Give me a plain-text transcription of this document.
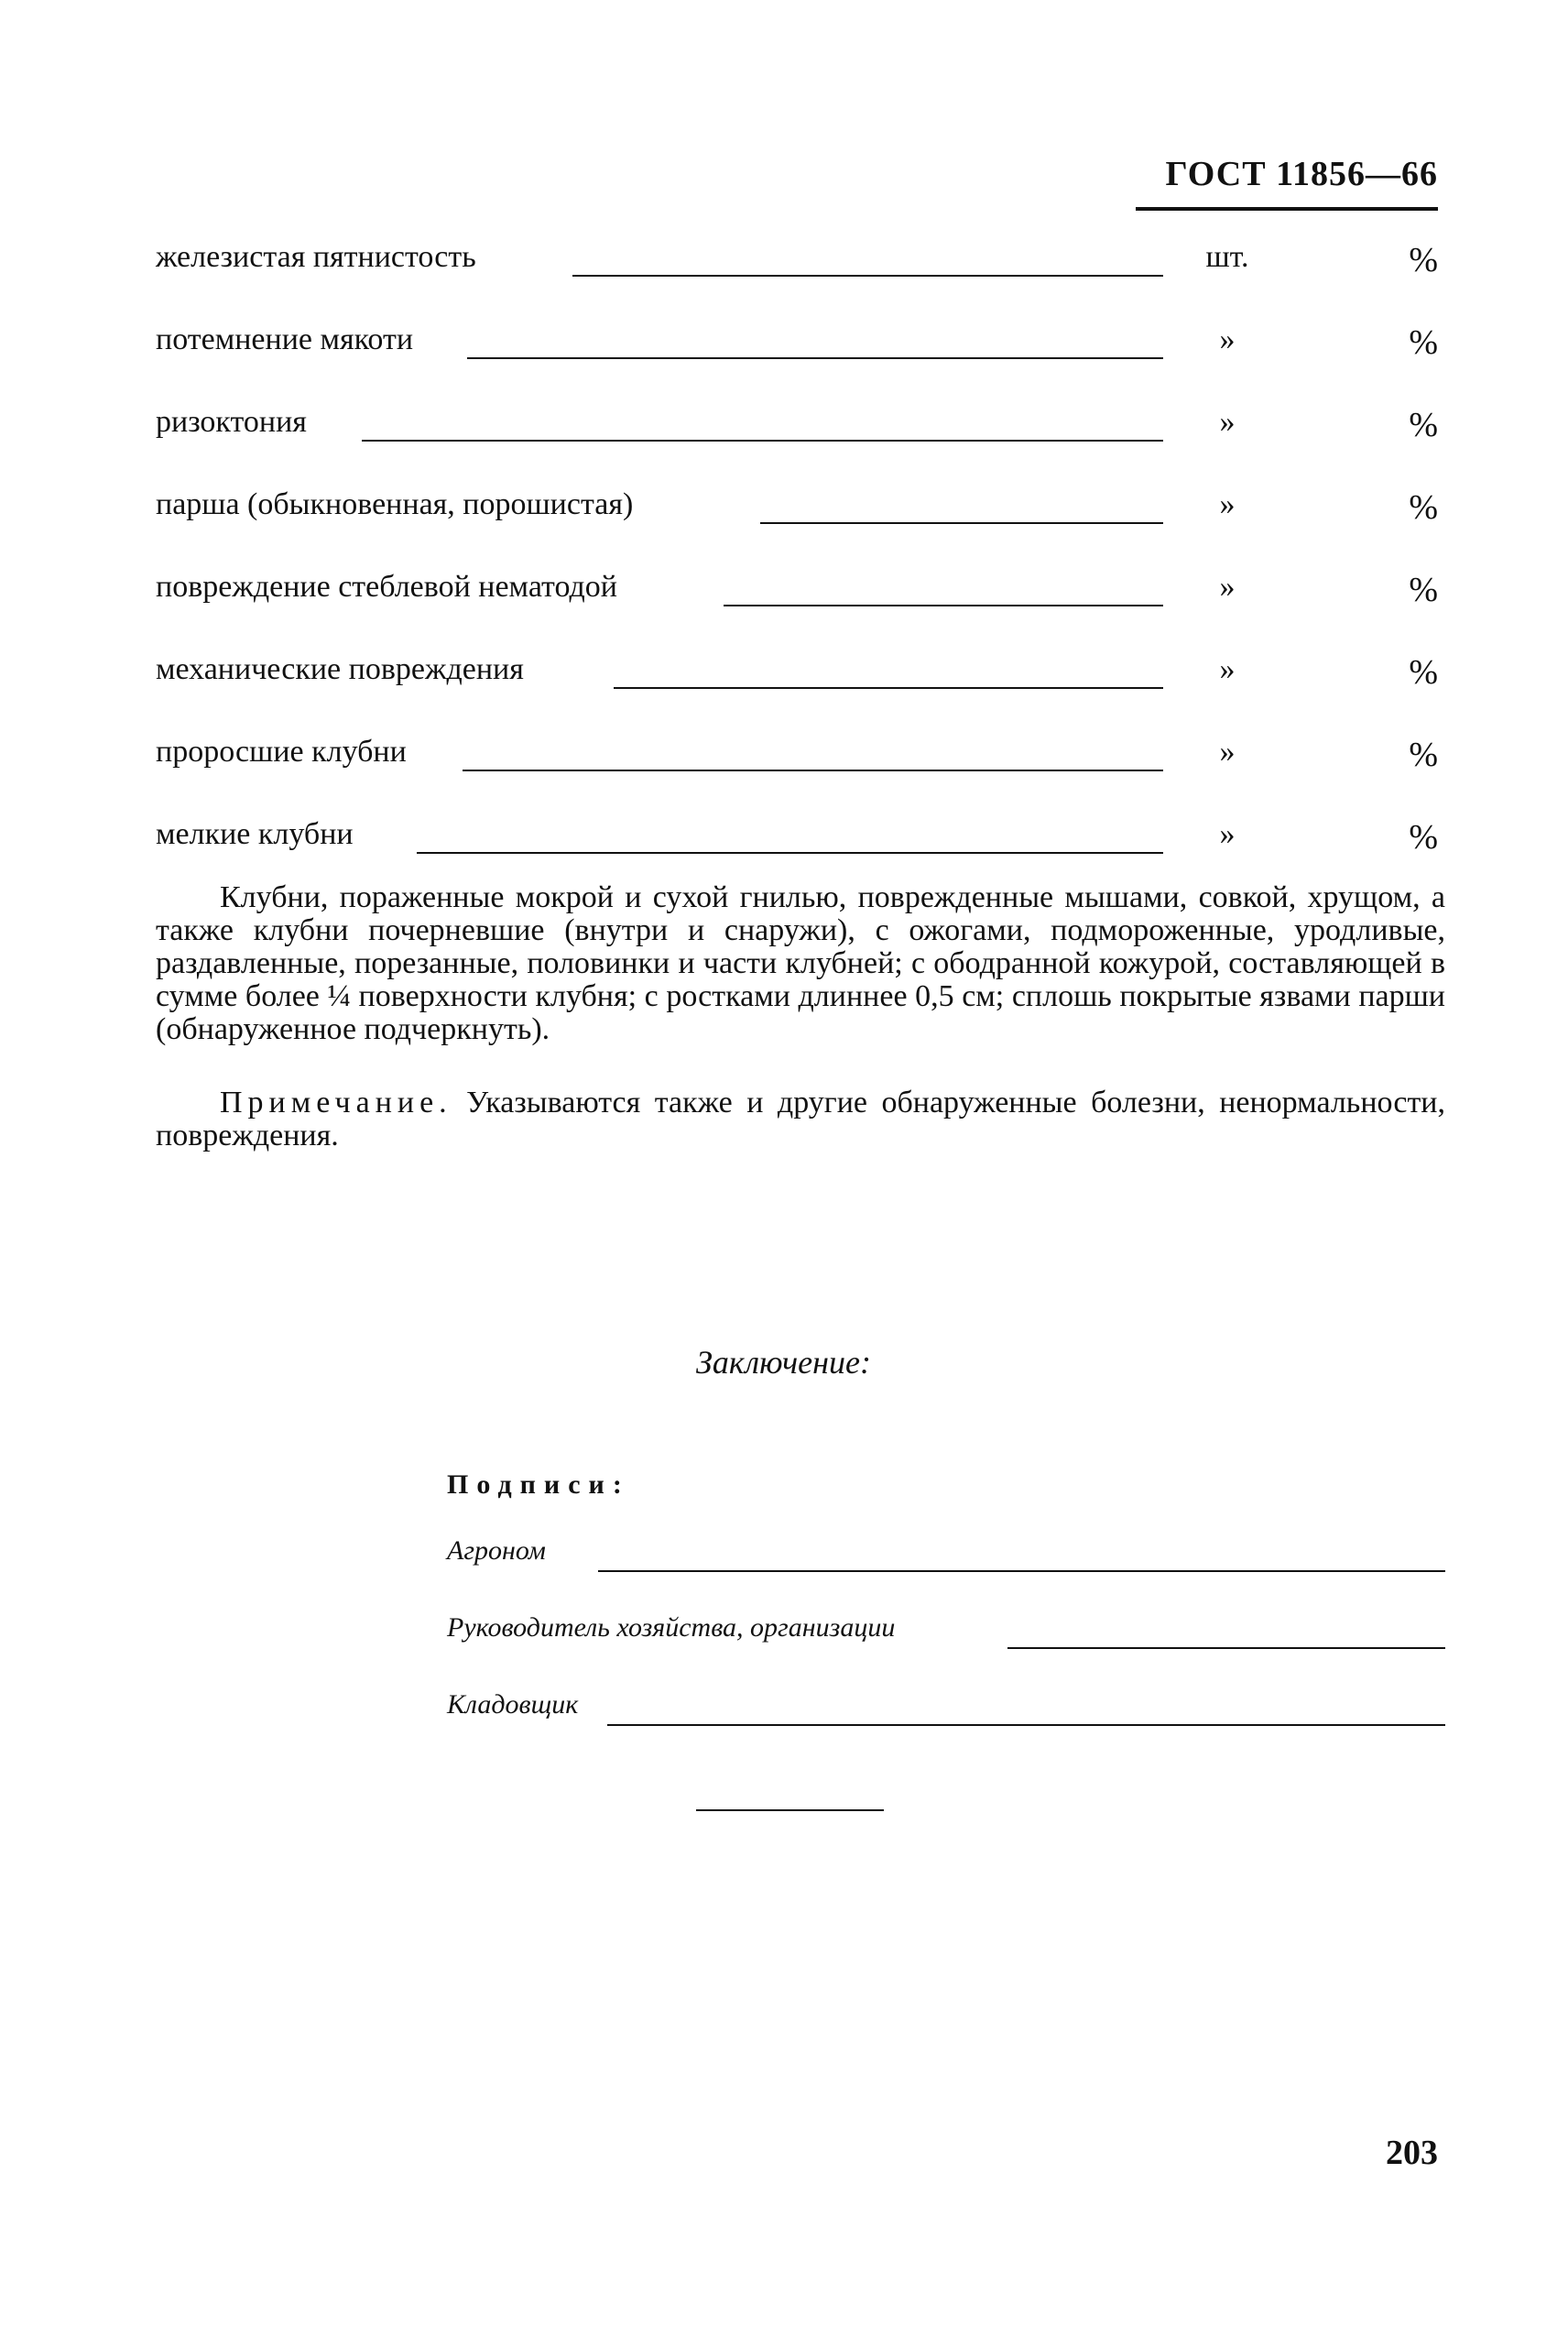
ГОСТ 11856—66
железистая пятнистость	шт.	%
потемнение мякоти	»	%
ризоктония	»	%
парша (обыкновенная, порошистая)	»	%
повреждение стеблевой нематодой	»	%
механические повреждения	»	%
проросшие клубни	»	%
мелкие клубни	»	%

Клубни, пораженные мокрой и сухой гнилью, поврежденные мышами, совкой, хрущом, а также клубни почерневшие (внутри и снаружи), с ожогами, подмороженные, уродливые, раздавленные, порезанные, половинки и части клубней; с ободранной кожурой, составляющей в сумме более ¼ поверхности клубня; с ростками длиннее 0,5 см; сплошь покрытые язвами парши (обнаруженное подчеркнуть).

Примечание. Указываются также и другие обнаруженные болезни, ненормальности, повреждения.

Заключение:
Подписи:
Агроном
Руководитель хозяйства, организации
Кладовщик
203
